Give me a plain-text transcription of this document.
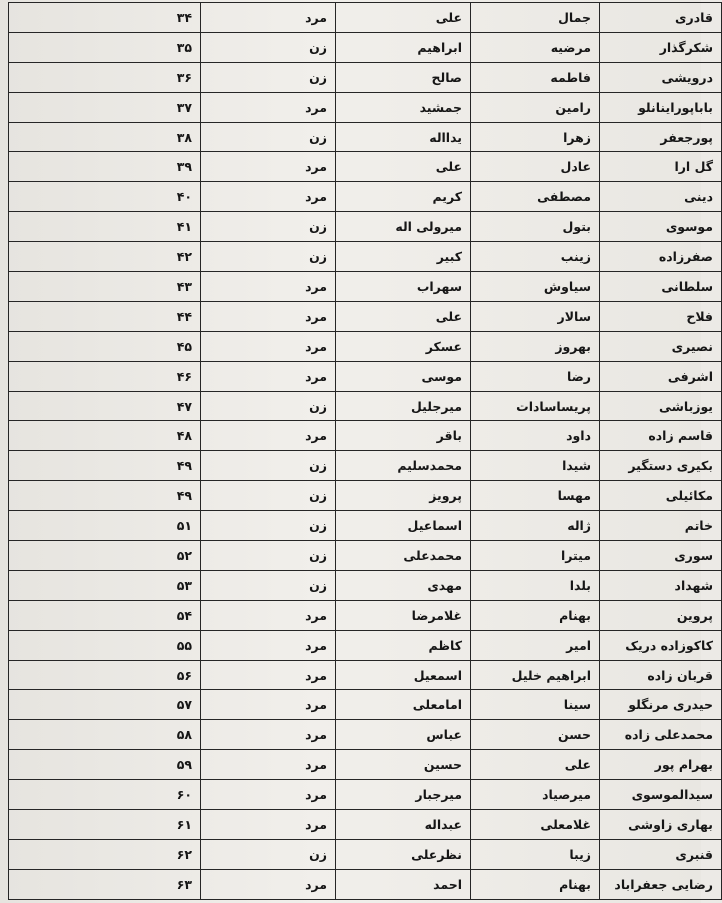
قادری	جمال	علی	مرد	۳۴
شکرگذار	مرضیه	ابراهیم	زن	۳۵
درویشی	فاطمه	صالح	زن	۳۶
باباپوراینانلو	رامین	جمشید	مرد	۳۷
پورجعفر	زهرا	یدااله	زن	۳۸
گل ارا	عادل	علی	مرد	۳۹
دینی	مصطفی	کریم	مرد	۴۰
موسوی	بتول	میرولی اله	زن	۴۱
صفرزاده	زینب	کبیر	زن	۴۲
سلطانی	سیاوش	سهراب	مرد	۴۳
فلاح	سالار	علی	مرد	۴۴
نصیری	بهروز	عسکر	مرد	۴۵
اشرفی	رضا	موسی	مرد	۴۶
یوزباشی	پریساسادات	میرجلیل	زن	۴۷
قاسم زاده	داود	باقر	مرد	۴۸
بکیری دستگیر	شیدا	محمدسلیم	زن	۴۹
مکائیلی	مهسا	پرویز	زن	۴۹
خاتم	ژاله	اسماعیل	زن	۵۱
سوری	میترا	محمدعلی	زن	۵۲
شهداد	بلدا	مهدی	زن	۵۳
پروین	بهنام	غلامرضا	مرد	۵۴
کاکوزاده دریک	امیر	کاظم	مرد	۵۵
قربان زاده	ابراهیم خلیل	اسمعیل	مرد	۵۶
حیدری مرنگلو	سینا	امامعلی	مرد	۵۷
محمدعلی زاده	حسن	عباس	مرد	۵۸
بهرام پور	علی	حسین	مرد	۵۹
سیدالموسوی	میرصیاد	میرجبار	مرد	۶۰
بهاری زاوشی	غلامعلی	عبداله	مرد	۶۱
قنبری	زیبا	نظرعلی	زن	۶۲
رضایی جعفراباد	بهنام	احمد	مرد	۶۳
